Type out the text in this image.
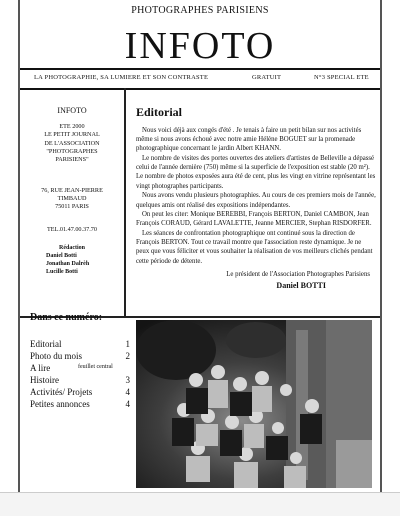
PHOTOGRAPHES PARISIENS
INFOTO
LA PHOTOGRAPHIE, SA LUMIERE ET SON CONTRASTE	GRATUIT	N°3 SPECIAL ETE
INFOTO
ETE 2000
LE PETIT JOURNAL
DE L'ASSOCIATION
"PHOTOGRAPHES
PARISIENS"
76, RUE JEAN-PIERRE
TIMBAUD
75011 PARIS
TEL.01.47.00.37.70
Rédaction
Daniel Botti
Jonathan Dalrèh
Lucille Botti
Editorial

Nous voici déjà aux congés d'été . Je tenais à faire un petit bilan sur nos activités même si nous avons échoué avec notre amie Hélène BOGUET sur la promenade photographique concernant le jardin Albert KHANN.

Le nombre de visites des portes ouvertes des ateliers d'artistes de Belleville a dépassé celui de l'année dernière (750) même si la superficie de l'exposition est stable (20 m²). Le nombre de photos exposées aura été de cent, plus les vingt en vitrine représentant les vingt photographes participants.

Nous avons vendu plusieurs photographies. Au cours de ces premiers mois de l'année, quelques amis ont réalisé des expositions indépendantes.

On peut les citer: Monique BEREBBI, François BERTON, Daniel CAMBON, Jean François CORAUD, Gérard LAVALETTE, Jeanne MERCIER, Stephan RISDORFER.

Les séances de confrontation photographique ont continué sous la direction de François BERTON. Tout ce travail montre que l'association reste dynamique. Je ne peux que vous féliciter et vous souhaiter la réalisation de vos meilleurs clichés pendant cette période de détente.

Le président de l'Association Photographes Parisiens
Daniel BOTTI
Dans ce numéro:
Editorial	1
Photo du mois	2
A lire	feuillet central
Histoire	3
Activités/ Projets	4
Petites annonces	4
